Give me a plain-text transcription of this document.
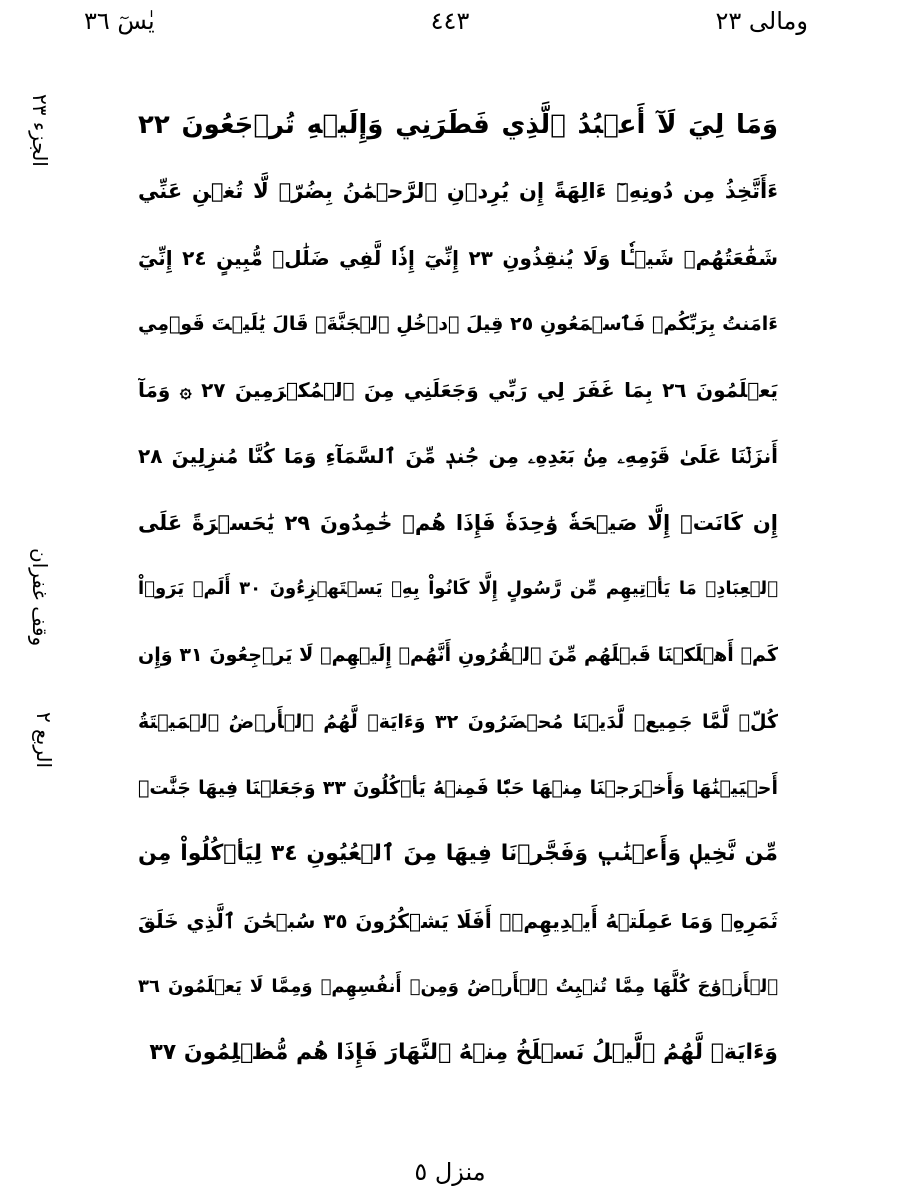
ومالی ٢٣
٤٤٣
یٰسٓ ٣٦
الجزء ٢٣
وقف غفران
الربع ٢
وَمَا لِيَ لَآ أَعۡبُدُ ٱلَّذِي فَطَرَنِي وَإِلَيۡهِ تُرۡجَعُونَ ٢٢
ءَأَتَّخِذُ مِن دُونِهِۦٓ ءَالِهَةً إِن يُرِدۡنِ ٱلرَّحۡمَٰنُ بِضُرّٖ لَّا تُغۡنِ عَنِّي
شَفَٰعَتُهُمۡ شَيۡـٔٗا وَلَا يُنقِذُونِ ٢٣ إِنِّيٓ إِذٗا لَّفِي ضَلَٰلٖ مُّبِينٍ ٢٤ إِنِّيٓ
ءَامَنتُ بِرَبِّكُمۡ فَٱسۡمَعُونِ ٢٥ قِيلَ ٱدۡخُلِ ٱلۡجَنَّةَۖ قَالَ يَٰلَيۡتَ قَوۡمِي
يَعۡلَمُونَ ٢٦ بِمَا غَفَرَ لِي رَبِّي وَجَعَلَنِي مِنَ ٱلۡمُكۡرَمِينَ ٢٧ ۞ وَمَآ
أَنزَلۡنَا عَلَىٰ قَوۡمِهِۦ مِنۢ بَعۡدِهِۦ مِن جُندٖ مِّنَ ٱلسَّمَآءِ وَمَا كُنَّا مُنزِلِينَ ٢٨
إِن كَانَتۡ إِلَّا صَيۡحَةٗ وَٰحِدَةٗ فَإِذَا هُمۡ خَٰمِدُونَ ٢٩ يَٰحَسۡرَةً عَلَى
ٱلۡعِبَادِۚ مَا يَأۡتِيهِم مِّن رَّسُولٍ إِلَّا كَانُواْ بِهِۦ يَسۡتَهۡزِءُونَ ٣٠ أَلَمۡ يَرَوۡاْ
كَمۡ أَهۡلَكۡنَا قَبۡلَهُم مِّنَ ٱلۡقُرُونِ أَنَّهُمۡ إِلَيۡهِمۡ لَا يَرۡجِعُونَ ٣١ وَإِن
كُلّٞ لَّمَّا جَمِيعٞ لَّدَيۡنَا مُحۡضَرُونَ ٣٢ وَءَايَةٞ لَّهُمُ ٱلۡأَرۡضُ ٱلۡمَيۡتَةُ
أَحۡيَيۡنَٰهَا وَأَخۡرَجۡنَا مِنۡهَا حَبّٗا فَمِنۡهُ يَأۡكُلُونَ ٣٣ وَجَعَلۡنَا فِيهَا جَنَّٰتٖ
مِّن نَّخِيلٖ وَأَعۡنَٰبٖ وَفَجَّرۡنَا فِيهَا مِنَ ٱلۡعُيُونِ ٣٤ لِيَأۡكُلُواْ مِن
ثَمَرِهِۦ وَمَا عَمِلَتۡهُ أَيۡدِيهِمۡۚ أَفَلَا يَشۡكُرُونَ ٣٥ سُبۡحَٰنَ ٱلَّذِي خَلَقَ
ٱلۡأَزۡوَٰجَ كُلَّهَا مِمَّا تُنۢبِتُ ٱلۡأَرۡضُ وَمِنۡ أَنفُسِهِمۡ وَمِمَّا لَا يَعۡلَمُونَ ٣٦
وَءَايَةٞ لَّهُمُ ٱلَّيۡلُ نَسۡلَخُ مِنۡهُ ٱلنَّهَارَ فَإِذَا هُم مُّظۡلِمُونَ ٣٧
منزل ٥
